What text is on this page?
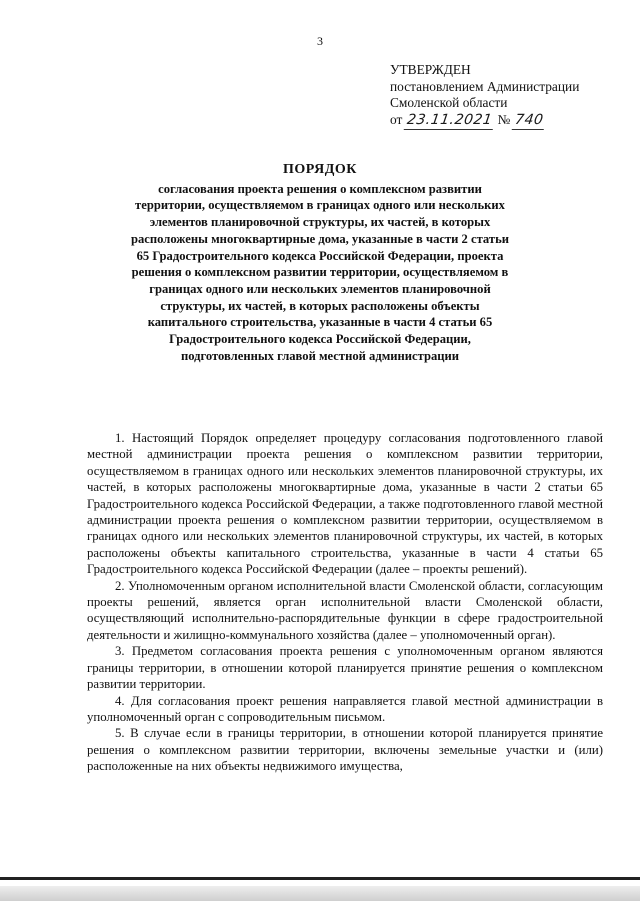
3
УТВЕРЖДЕН
постановлением Администрации
Смоленской области
от 23.11.2021 № 740
ПОРЯДОК
согласования проекта решения о комплексном развитии территории, осуществляемом в границах одного или нескольких элементов планировочной структуры, их частей, в которых расположены многоквартирные дома, указанные в части 2 статьи 65 Градостроительного кодекса Российской Федерации, проекта решения о комплексном развитии территории, осуществляемом в границах одного или нескольких элементов планировочной структуры, их частей, в которых расположены объекты капитального строительства, указанные в части 4 статьи 65 Градостроительного кодекса Российской Федерации, подготовленных главой местной администрации

1. Настоящий Порядок определяет процедуру согласования подготовленного главой местной администрации проекта решения о комплексном развитии территории, осуществляемом в границах одного или нескольких элементов планировочной структуры, их частей, в которых расположены многоквартирные дома, указанные в части 2 статьи 65 Градостроительного кодекса Российской Федерации, а также подготовленного главой местной администрации проекта решения о комплексном развитии территории, осуществляемом в границах одного или нескольких элементов планировочной структуры, их частей, в которых расположены объекты капитального строительства, указанные в части 4 статьи 65 Градостроительного кодекса Российской Федерации (далее – проекты решений).

2. Уполномоченным органом исполнительной власти Смоленской области, согласующим проекты решений, является орган исполнительной власти Смоленской области, осуществляющий исполнительно-распорядительные функции в сфере градостроительной деятельности и жилищно-коммунального хозяйства (далее – уполномоченный орган).

3. Предметом согласования проекта решения с уполномоченным органом являются границы территории, в отношении которой планируется принятие решения о комплексном развитии территории.

4. Для согласования проект решения направляется главой местной администрации в уполномоченный орган с сопроводительным письмом.

5. В случае если в границы территории, в отношении которой планируется принятие решения о комплексном развитии территории, включены земельные участки и (или) расположенные на них объекты недвижимого имущества,
